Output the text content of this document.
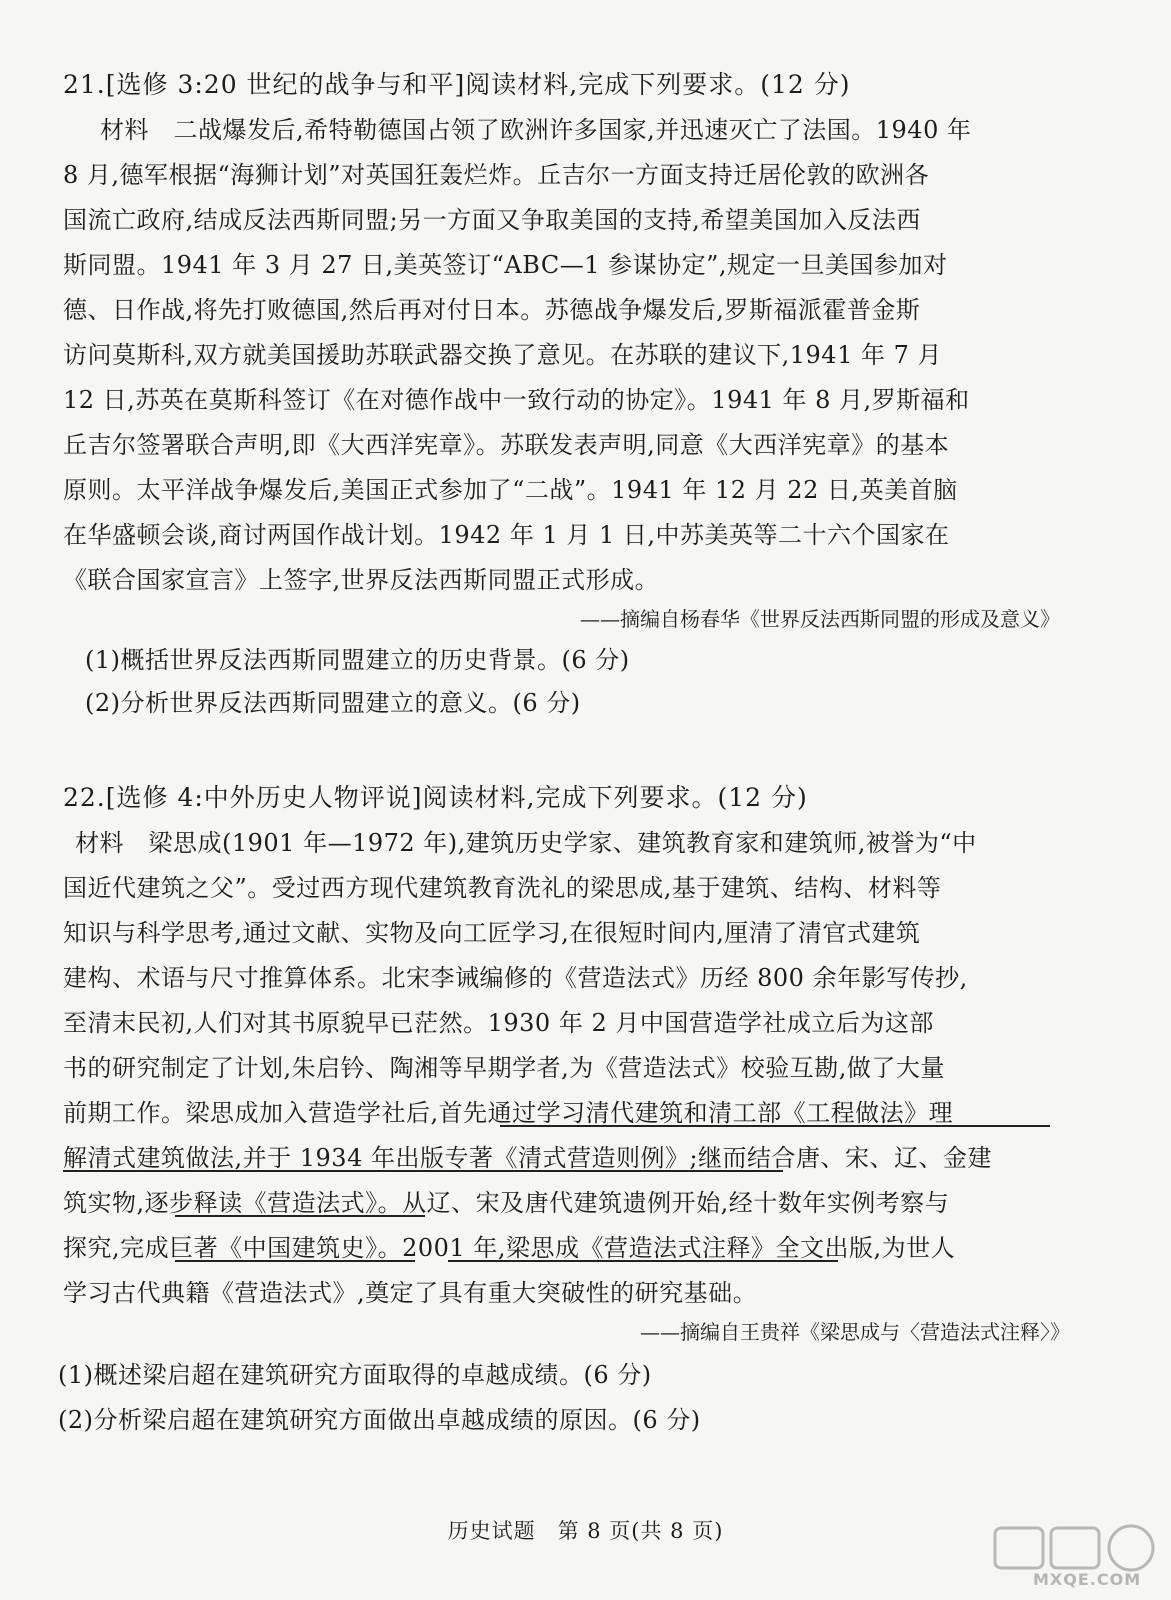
21.[选修 3:20 世纪的战争与和平]阅读材料,完成下列要求。(12 分)
材料　二战爆发后,希特勒德国占领了欧洲许多国家,并迅速灭亡了法国。1940 年
8 月,德军根据“海狮计划”对英国狂轰烂炸。丘吉尔一方面支持迁居伦敦的欧洲各
国流亡政府,结成反法西斯同盟;另一方面又争取美国的支持,希望美国加入反法西
斯同盟。1941 年 3 月 27 日,美英签订“ABC—1 参谋协定”,规定一旦美国参加对
德、日作战,将先打败德国,然后再对付日本。苏德战争爆发后,罗斯福派霍普金斯
访问莫斯科,双方就美国援助苏联武器交换了意见。在苏联的建议下,1941 年 7 月
12 日,苏英在莫斯科签订《在对德作战中一致行动的协定》。1941 年 8 月,罗斯福和
丘吉尔签署联合声明,即《大西洋宪章》。苏联发表声明,同意《大西洋宪章》的基本
原则。太平洋战争爆发后,美国正式参加了“二战”。1941 年 12 月 22 日,英美首脑
在华盛顿会谈,商讨两国作战计划。1942 年 1 月 1 日,中苏美英等二十六个国家在
《联合国家宣言》上签字,世界反法西斯同盟正式形成。
——摘编自杨春华《世界反法西斯同盟的形成及意义》
(1)概括世界反法西斯同盟建立的历史背景。(6 分)
(2)分析世界反法西斯同盟建立的意义。(6 分)
22.[选修 4:中外历史人物评说]阅读材料,完成下列要求。(12 分)
材料　梁思成(1901 年—1972 年),建筑历史学家、建筑教育家和建筑师,被誉为“中
国近代建筑之父”。受过西方现代建筑教育洗礼的梁思成,基于建筑、结构、材料等
知识与科学思考,通过文献、实物及向工匠学习,在很短时间内,厘清了清官式建筑
建构、术语与尺寸推算体系。北宋李诫编修的《营造法式》历经 800 余年影写传抄,
至清末民初,人们对其书原貌早已茫然。1930 年 2 月中国营造学社成立后为这部
书的研究制定了计划,朱启钤、陶湘等早期学者,为《营造法式》校验互勘,做了大量
前期工作。梁思成加入营造学社后,首先通过学习清代建筑和清工部《工程做法》理
解清式建筑做法,并于 1934 年出版专著《清式营造则例》;继而结合唐、宋、辽、金建
筑实物,逐步释读《营造法式》。从辽、宋及唐代建筑遗例开始,经十数年实例考察与
探究,完成巨著《中国建筑史》。2001 年,梁思成《营造法式注释》全文出版,为世人
学习古代典籍《营造法式》,奠定了具有重大突破性的研究基础。
——摘编自王贵祥《梁思成与〈营造法式注释〉》
(1)概述梁启超在建筑研究方面取得的卓越成绩。(6 分)
(2)分析梁启超在建筑研究方面做出卓越成绩的原因。(6 分)
历史试题　第 8 页(共 8 页)
MXQE.COM
